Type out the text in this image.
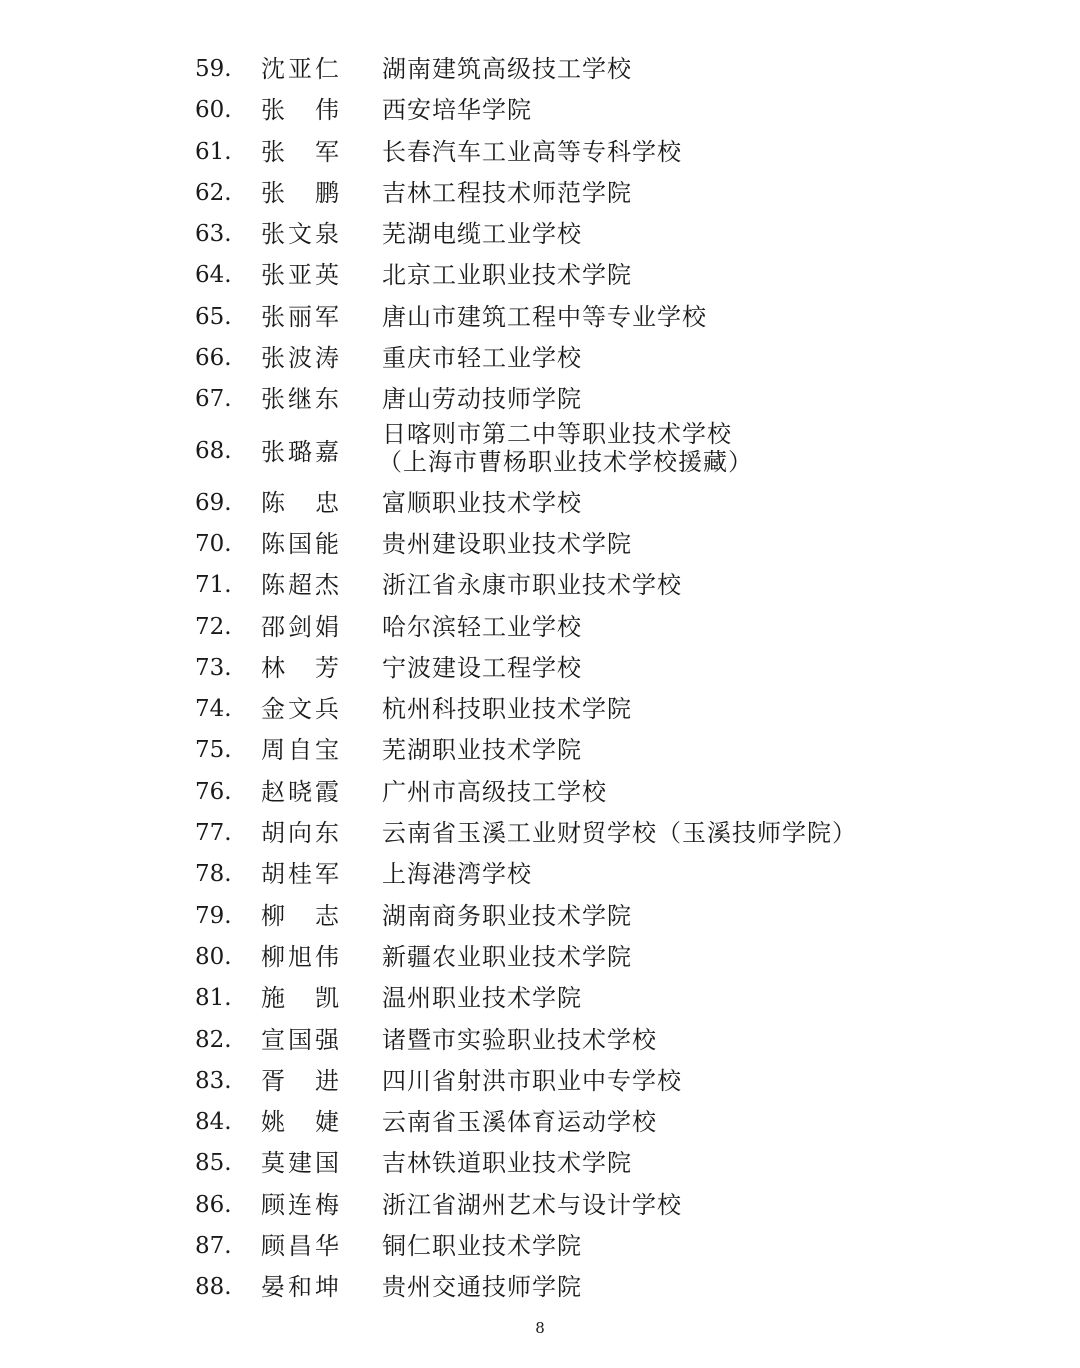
59.	沈亚仁 湖南建筑高级技工学校
60.	张伟 西安培华学院
61.	张军 长春汽车工业高等专科学校
62.	张鹏 吉林工程技术师范学院
63.	张文泉 芜湖电缆工业学校
64.	张亚英 北京工业职业技术学院
65.	张丽军 唐山市建筑工程中等专业学校
66.	张波涛 重庆市轻工业学校
67.	张继东 唐山劳动技师学院
68.	张璐嘉
日喀则市第二中等职业技术学校
（上海市曹杨职业技术学校援藏）
69.	陈忠 富顺职业技术学校
70.	陈国能 贵州建设职业技术学院
71.	陈超杰 浙江省永康市职业技术学校
72.	邵剑娟 哈尔滨轻工业学校
73.	林芳 宁波建设工程学校
74.	金文兵 杭州科技职业技术学院
75.	周自宝 芜湖职业技术学院
76.	赵晓霞 广州市高级技工学校
77.	胡向东 云南省玉溪工业财贸学校（玉溪技师学院）
78.	胡桂军 上海港湾学校
79.	柳志 湖南商务职业技术学院
80.	柳旭伟 新疆农业职业技术学院
81.	施凯 温州职业技术学院
82.	宣国强 诸暨市实验职业技术学校
83.	胥进 四川省射洪市职业中专学校
84.	姚婕 云南省玉溪体育运动学校
85.	莫建国 吉林铁道职业技术学院
86.	顾连梅 浙江省湖州艺术与设计学校
87.	顾昌华 铜仁职业技术学院
88.	晏和坤 贵州交通技师学院
8
